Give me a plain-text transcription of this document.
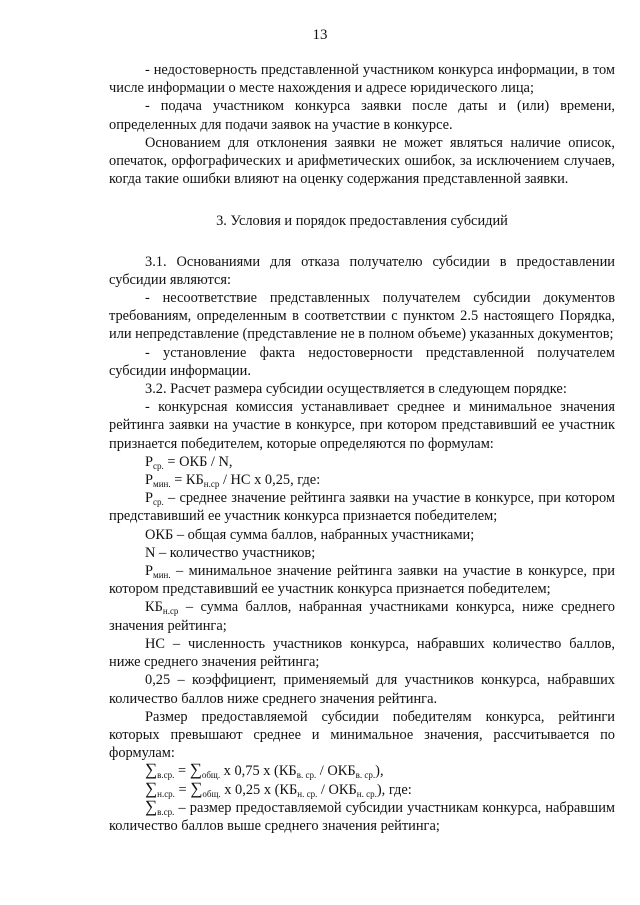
13

- недостоверность представленной участником конкурса информации, в том числе информации о месте нахождения и адресе юридического лица;

- подача участником конкурса заявки после даты и (или) времени, определенных для подачи заявок на участие в конкурсе.

Основанием для отклонения заявки не может являться наличие описок, опечаток, орфографических и арифметических ошибок, за исключением случаев, когда такие ошибки влияют на оценку содержания представленной заявки.

3. Условия и порядок предоставления субсидий

3.1. Основаниями для отказа получателю субсидии в предоставлении субсидии являются:

- несоответствие представленных получателем субсидии документов требованиям, определенным в соответствии с пунктом 2.5 настоящего Порядка, или непредставление (представление не в полном объеме) указанных документов;

- установление факта недостоверности представленной получателем субсидии информации.

3.2. Расчет размера субсидии осуществляется в следующем порядке:

- конкурсная комиссия устанавливает среднее и минимальное значения рейтинга заявки на участие в конкурсе, при котором представивший ее участник признается победителем, которые определяются по формулам:

$Р_{ср.}$ = ОКБ / N,

$Р_{мин.} = КБ_{н.ср}$ / НС х 0,25, где:

$Р_{ср.}$ – среднее значение рейтинга заявки на участие в конкурсе, при котором представивший ее участник конкурса признается победителем;

ОКБ – общая сумма баллов, набранных участниками;

N – количество участников;

$Р_{мин.}$ – минимальное значение рейтинга заявки на участие в конкурсе, при котором представивший ее участник конкурса признается победителем;

$КБ_{н.ср}$ – сумма баллов, набранная участниками конкурса, ниже среднего значения рейтинга;

НС – численность участников конкурса, набравших количество баллов, ниже среднего значения рейтинга;

0,25 – коэффициент, применяемый для участников конкурса, набравших количество баллов ниже среднего значения рейтинга.

Размер предоставляемой субсидии победителям конкурса, рейтинги которых превышают среднее и минимальное значения, рассчитывается по формулам:

$\sum_{в.ср.} = \sum_{общ.}$ х 0,75 х $(КБ_{в. ср.} / ОКБ_{в. ср.})$,

$\sum_{н.ср.} = \sum_{общ.}$ х 0,25 х $(КБ_{н. ср.} / ОКБ_{н. ср.})$, где:

$\sum_{в.ср.}$ – размер предоставляемой субсидии участникам конкурса, набравшим количество баллов выше среднего значения рейтинга;
